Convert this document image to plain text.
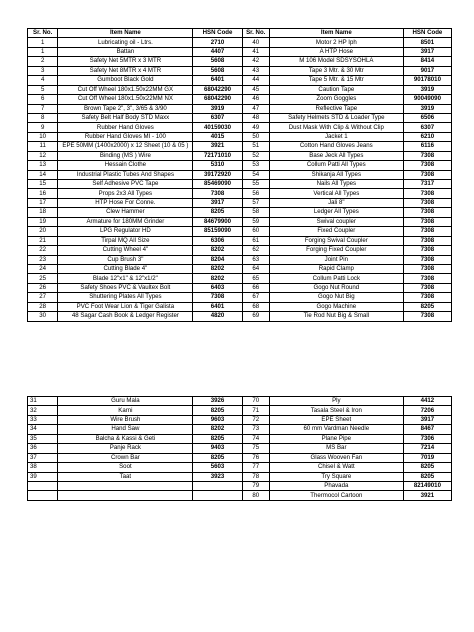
Sr. No.	Item Name	HSN Code	Sr. No.	Item Name	HSN Code
1	Lubricating oil - Ltrs.	2710	40	Motor 2 HP Iph	8501
1	Battan	4407	41	A HTP Hose	3917
2	Safety Net 5MTR x 3 MTR	5608	42	M 106 Model SDSYSOHLA	8414
3	Safety Net 8MTR x 4 MTR	5608	43	Tape 3 Mtr. & 30 Mtr	9017
4	Gumboot Black Gold	6401	44	Tape 5 Mtr. & 15 Mtr	90178010
5	Cut Off Wheel 180x1.50x22MM GX	68042290	45	Caution Tape	3919
6	Cut Off Wheel 180x1.50x22MM NX	68042290	46	Zoom Goggles	90049090
7	Brown Tape 2", 3", 3/65 & 3/90	3919	47	Reflective Tape	3919
8	Safety Belt Half Body STD Maxx	6307	48	Safety Helmets STD & Loader Type	6506
9	Rubber Hand Gloves	40159030	49	Dust Mask With Clip & Without Clip	6307
10	Rubber Hand Gloves MI - 100	4015	50	Jacket 1	6210
11	EPE 50MM (1400x2000) x 12 Sheet (10 & 05 )	3921	51	Cotton Hand Gloves Jeans	6116
12	Binding (MS ) Wire	72171010	52	Base Jeck All Types	7308
13	Hessain Clothe	5310	53	Collum Patti All Types	7308
14	Industrial Plastic Tubes And Shapes	39172920	54	Shikanja All Types	7308
15	Self Adhesive PVC Tape	85469090	55	Nails All Types	7317
16	Props 2x3 All Types	7308	56	Vertical All Types	7308
17	HTP Hose For Conne.	3917	57	Jali 8"	7308
18	Clew Hammer	8205	58	Ledger All Types	7308
19	Armature for 180MM Grinder	84679900	59	Swival coupler	7308
20	LPG Regulator HD	85159090	60	Fixed Coupler	7308
21	Tirpal MQ All Size	6306	61	Forging Swival Coupler	7308
22	Cutting Wheel 4"	8202	62	Forging Fixed Coupler	7308
23	Cup Brush 3"	8204	63	Joint Pin	7308
24	Cutting Blade 4"	8202	64	Rapid Clamp	7308
25	Blade 12"x1" & 12"x1/2"	8202	65	Collum Patti Lock	7308
26	Safety Shoes PVC & Vaultex Bolt	6403	66	Gogo Nut Round	7308
27	Shuttering Plates All Types	7308	67	Gogo Nut Big	7308
28	PVC Foot Wear Lion & Tiger Galista	6401	68	Gogo Machine	8205
30	48 Sagar Cash Book & Ledger Register	4820	69	Tie Rod Nut Big & Small	7308
31	Guru Mala	3926	70	Ply	4412
32	Karni	8205	71	Tasala Steel & Iron	7206
33	Wire Brush	9603	72	EPE Sheet	3917
34	Hand Saw	8202	73	60 mm Vardman Needle	8467
35	Balcha & Kassi & Geti	8205	74	Plane Pipe	7306
36	Panje Rack	9403	75	MS Bar	7214
37	Crown Bar	8205	76	Glass Wooven Fan	7019
38	Soot	5603	77	Chisel & Watt	8205
39	Taat	3923	78	Try Square	8205
			79	Phavada	82149010
			80	Thermocol Cartoon	3921
